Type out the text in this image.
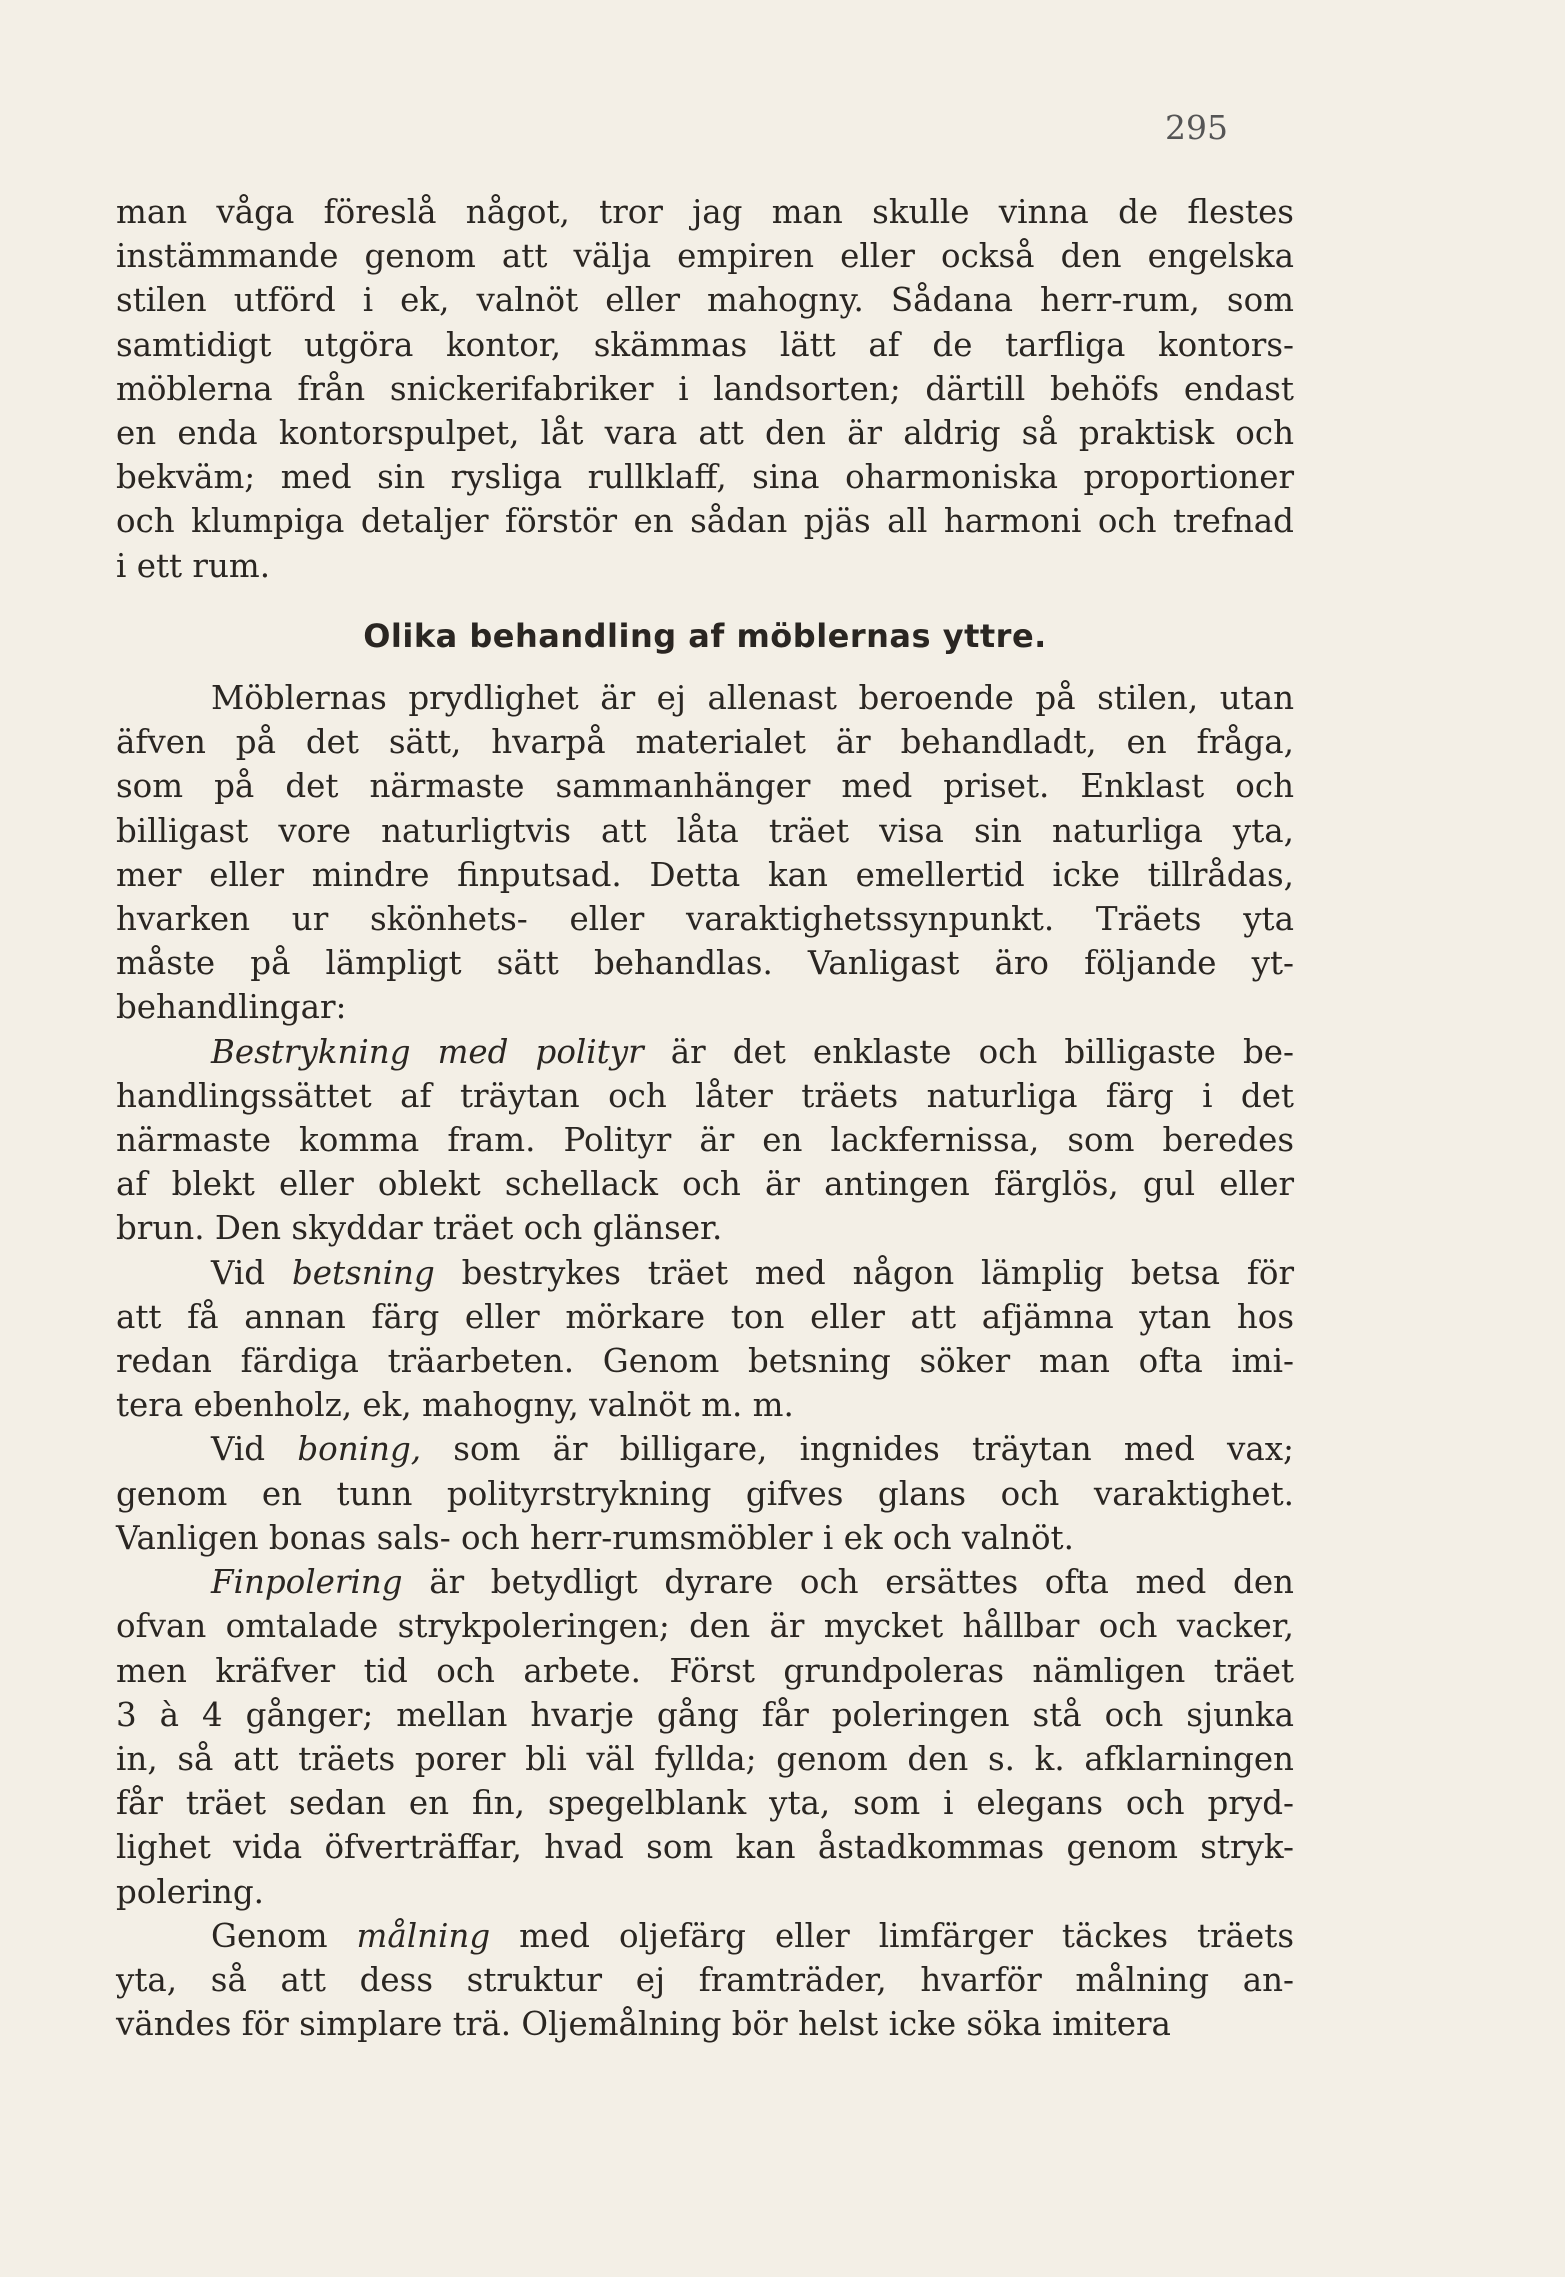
295
man våga föreslå något, tror jag man skulle vinna de flestes
instämmande genom att välja empiren eller också den engelska
stilen utförd i ek, valnöt eller mahogny. Sådana herr-rum, som
samtidigt utgöra kontor, skämmas lätt af de tarfliga kontors-
möblerna från snickerifabriker i landsorten; därtill behöfs endast
en enda kontorspulpet, låt vara att den är aldrig så praktisk och
bekväm; med sin rysliga rullklaff, sina oharmoniska proportioner
och klumpiga detaljer förstör en sådan pjäs all harmoni och trefnad
i ett rum.
Olika behandling af möblernas yttre.
Möblernas prydlighet är ej allenast beroende på stilen, utan
äfven på det sätt, hvarpå materialet är behandladt, en fråga,
som på det närmaste sammanhänger med priset. Enklast och
billigast vore naturligtvis att låta träet visa sin naturliga yta,
mer eller mindre finputsad. Detta kan emellertid icke tillrådas,
hvarken ur skönhets- eller varaktighetssynpunkt. Träets yta
måste på lämpligt sätt behandlas. Vanligast äro följande yt-
behandlingar:
Bestrykning med polityr är det enklaste och billigaste be-
handlingssättet af träytan och låter träets naturliga färg i det
närmaste komma fram. Polityr är en lackfernissa, som beredes
af blekt eller oblekt schellack och är antingen färglös, gul eller
brun. Den skyddar träet och glänser.
Vid betsning bestrykes träet med någon lämplig betsa för
att få annan färg eller mörkare ton eller att afjämna ytan hos
redan färdiga träarbeten. Genom betsning söker man ofta imi-
tera ebenholz, ek, mahogny, valnöt m. m.
Vid boning, som är billigare, ingnides träytan med vax;
genom en tunn polityrstrykning gifves glans och varaktighet.
Vanligen bonas sals- och herr-rumsmöbler i ek och valnöt.
Finpolering är betydligt dyrare och ersättes ofta med den
ofvan omtalade strykpoleringen; den är mycket hållbar och vacker,
men kräfver tid och arbete. Först grundpoleras nämligen träet
3 à 4 gånger; mellan hvarje gång får poleringen stå och sjunka
in, så att träets porer bli väl fyllda; genom den s. k. afklarningen
får träet sedan en fin, spegelblank yta, som i elegans och pryd-
lighet vida öfverträffar, hvad som kan åstadkommas genom stryk-
polering.
Genom målning med oljefärg eller limfärger täckes träets
yta, så att dess struktur ej framträder, hvarför målning an-
vändes för simplare trä. Oljemålning bör helst icke söka imitera
